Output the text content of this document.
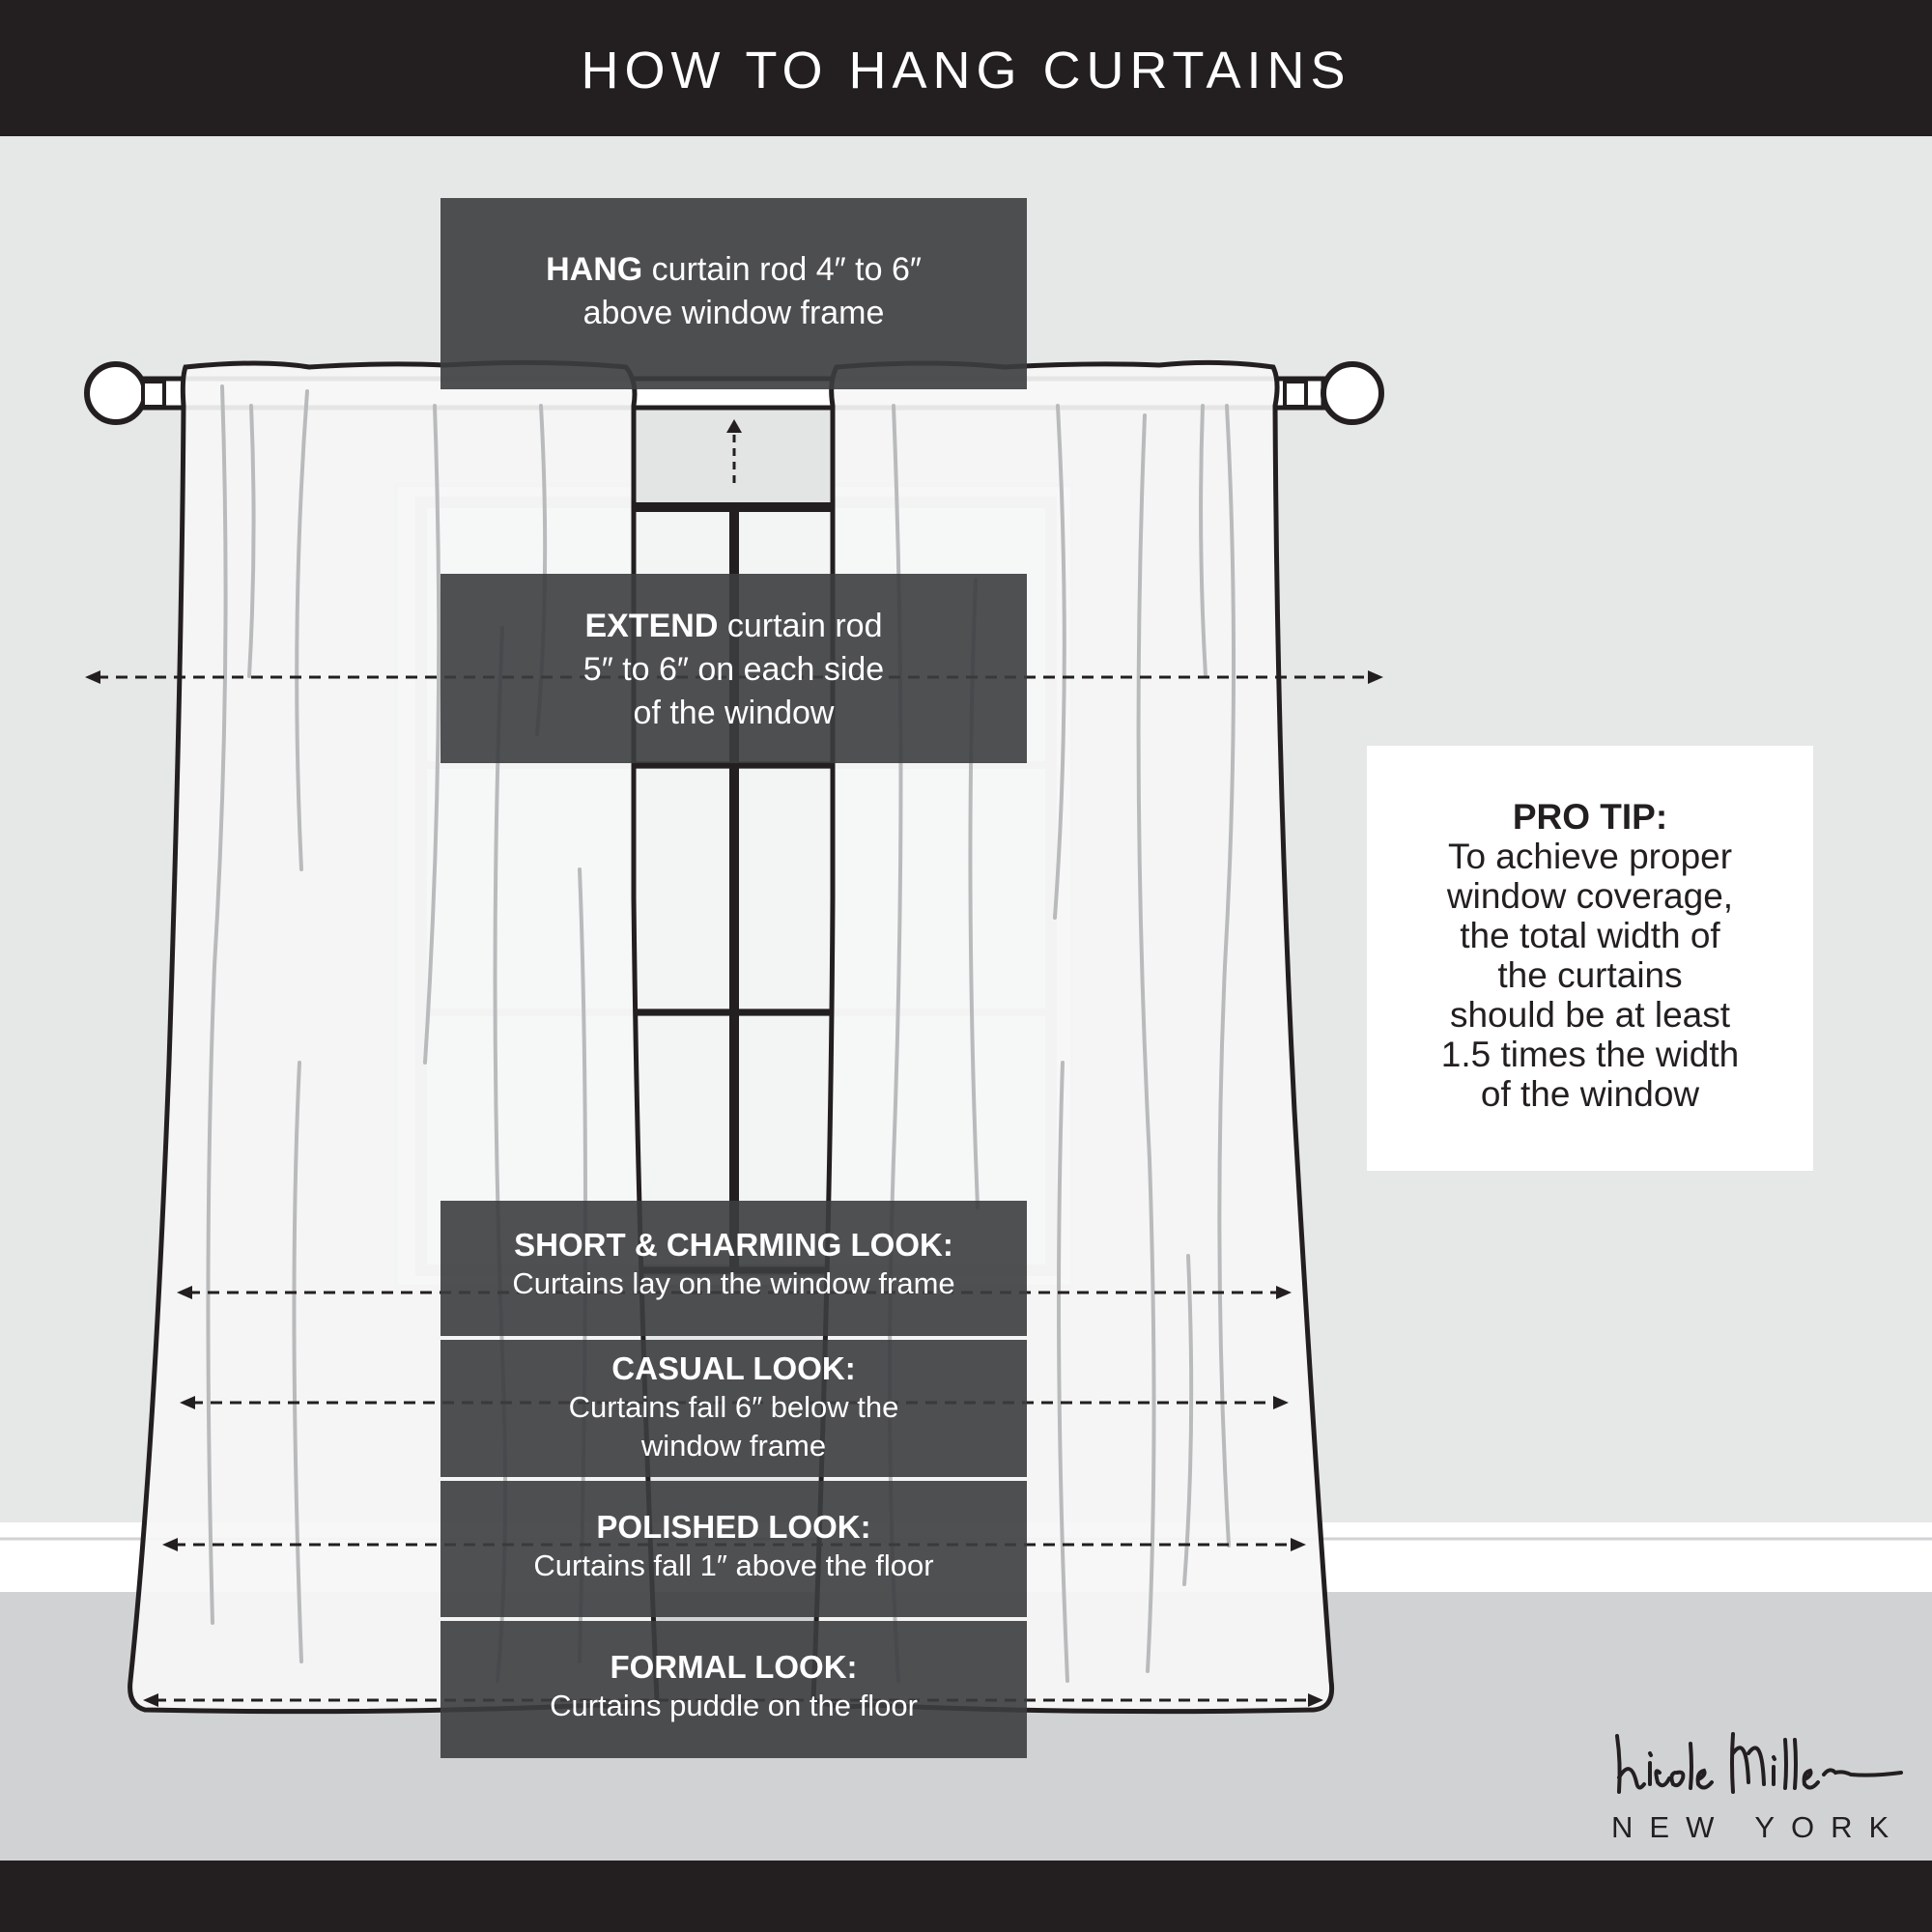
HOW TO HANG CURTAINS
HANG curtain rod 4″ to 6″
above window frame
EXTEND curtain rod
5″ to 6″ on each side
of the window
SHORT & CHARMING LOOK:
Curtains lay on the window frame
CASUAL LOOK:
Curtains fall 6″ below the
window frame
POLISHED LOOK:
Curtains fall 1″ above the floor
FORMAL LOOK:
Curtains puddle on the floor
PRO TIP:
To achieve proper
window coverage,
the total width of
the curtains
should be at least
1.5 times the width
of the window
NEW YORK
